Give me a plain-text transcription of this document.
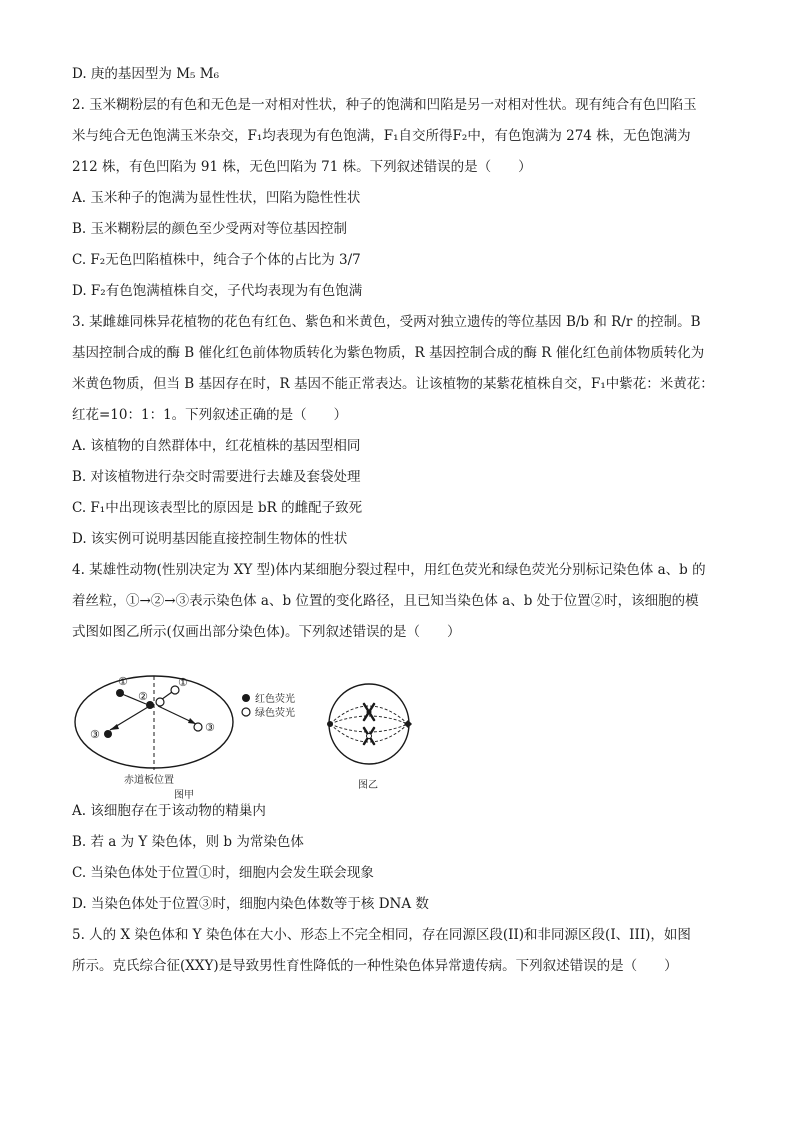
D. 庚的基因型为 M₅ M₆
2. 玉米糊粉层的有色和无色是一对相对性状，种子的饱满和凹陷是另一对相对性状。现有纯合有色凹陷玉
米与纯合无色饱满玉米杂交，F₁均表现为有色饱满，F₁自交所得F₂中，有色饱满为 274 株，无色饱满为
212 株，有色凹陷为 91 株，无色凹陷为 71 株。下列叙述错误的是（　　）
A. 玉米种子的饱满为显性性状，凹陷为隐性性状
B. 玉米糊粉层的颜色至少受两对等位基因控制
C. F₂无色凹陷植株中，纯合子个体的占比为 3/7
D. F₂有色饱满植株自交，子代均表现为有色饱满
3. 某雌雄同株异花植物的花色有红色、紫色和米黄色，受两对独立遗传的等位基因 B/b 和 R/r 的控制。B
基因控制合成的酶 B 催化红色前体物质转化为紫色物质，R 基因控制合成的酶 R 催化红色前体物质转化为
米黄色物质，但当 B 基因存在时，R 基因不能正常表达。让该植物的某紫花植株自交，F₁中紫花：米黄花：
红花=10：1：1。下列叙述正确的是（　　）
A. 该植物的自然群体中，红花植株的基因型相同
B. 对该植物进行杂交时需要进行去雄及套袋处理
C. F₁中出现该表型比的原因是 bR 的雌配子致死
D. 该实例可说明基因能直接控制生物体的性状
4. 某雄性动物(性别决定为 XY 型)体内某细胞分裂过程中，用红色荧光和绿色荧光分别标记染色体 a、b 的
着丝粒，①→②→③表示染色体 a、b 位置的变化路径，且已知当染色体 a、b 处于位置②时，该细胞的模
式图如图乙所示(仅画出部分染色体)。下列叙述错误的是（　　）
①	①
②
③
③
红色荧光
绿色荧光
赤道板位置
图甲
图乙
A. 该细胞存在于该动物的精巢内
B. 若 a 为 Y 染色体，则 b 为常染色体
C. 当染色体处于位置①时，细胞内会发生联会现象
D. 当染色体处于位置③时，细胞内染色体数等于核 DNA 数
5. 人的 X 染色体和 Y 染色体在大小、形态上不完全相同，存在同源区段(II)和非同源区段(Ⅰ、III)，如图
所示。克氏综合征(XXY)是导致男性育性降低的一种性染色体异常遗传病。下列叙述错误的是（　　）
